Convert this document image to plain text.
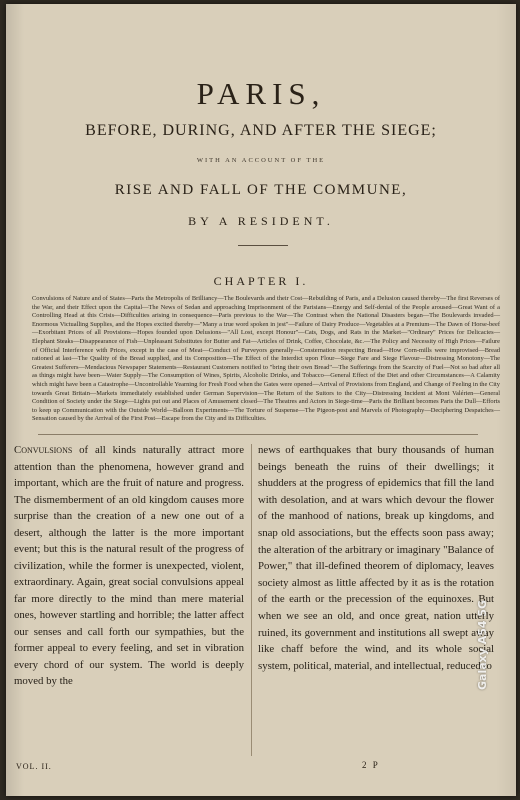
PARIS,
BEFORE, DURING, AND AFTER THE SIEGE;
WITH AN ACCOUNT OF THE
RISE AND FALL OF THE COMMUNE,
BY A RESIDENT.
CHAPTER I.

Convulsions of Nature and of States—Paris the Metropolis of Brilliancy—The Boulevards and their Cost—Rebuilding of Paris, and a Delusion caused thereby—The first Reverses of the War, and their Effect upon the Capital—The News of Sedan and approaching Imprisonment of the Parisians—Energy and Self-denial of the People aroused—Great Want of a Controlling Head at this Crisis—Difficulties arising in consequence—Paris previous to the War—The Contrast when the National Disasters began—The Boulevards invaded—Enormous Victualling Supplies, and the Hopes excited thereby—"Many a true word spoken in jest"—Failure of Dairy Produce—Vegetables at a Premium—The Dawn of Horse-beef—Exorbitant Prices of all Provisions—Hopes founded upon Delusions—"All Lost, except Honour"—Cats, Dogs, and Rats in the Market—"Ordinary" Prices for Delicacies—Elephant Steaks—Disappearance of Fish—Unpleasant Substitutes for Butter and Fat—Articles of Drink, Coffee, Chocolate, &c.—The Policy and Necessity of High Prices—Failure of Official Interference with Prices, except in the case of Meat—Conduct of Purveyors generally—Consternation respecting Bread—How Corn-mills were improvised—Bread rationed at last—The Quality of the Bread supplied, and its Composition—The Effect of the Interdict upon Flour—Siege Fare and Siege Flavour—Distressing Monotony—The Greatest Sufferers—Mendacious Newspaper Statements—Restaurant Customers notified to "bring their own Bread"—The Sufferings from the Scarcity of Fuel—Not so bad after all as things might have been—Water Supply—The Consumption of Wines, Spirits, Alcoholic Drinks, and Tobacco—General Effect of the Diet and other Circumstances—A Calamity which might have been a Catastrophe—Uncontrollable Yearning for Fresh Food when the Gates were opened—Arrival of Provisions from England, and Change of Feeling in the City towards Great Britain—Markets immediately established under German Supervision—The Return of the Suitors to the City—Distressing Incident at Mont Valérien—General Condition of Society under the Siege—Lights put out and Places of Amusement closed—The Theatres and Actors in Siege-time—Paris the Brilliant becomes Paris the Dull—Efforts to keep up Communication with the Outside World—Balloon Experiments—The Torture of Suspense—The Pigeon-post and Marvels of Photography—Deciphering Despatches—Sensation caused by the Arrival of the First Post—Escape from the City and its Difficulties.

Convulsions of all kinds naturally attract more attention than the phenomena, however grand and important, which are the fruit of nature and progress. The dismemberment of an old kingdom causes more surprise than the creation of a new one out of a desert, although the latter is the more important event; but this is the natural result of the progress of civilization, while the former is unexpected, violent, extraordinary. Again, great social convulsions appeal far more directly to the mind than mere material ones, however startling and horrible; the latter affect our senses and call forth our sympathies, but the former appeal to every feeling, and set in vibration every chord of our system. The world is deeply moved by the

news of earthquakes that bury thousands of human beings beneath the ruins of their dwellings; it shudders at the progress of epidemics that fill the land with desolation, and at wars which devour the flower of the manhood of nations, break up kingdoms, and snap old associations, but the effects soon pass away; the alteration of the arbitrary or imaginary "Balance of Power," that ill-defined theorem of diplomacy, leaves society almost as little affected by it as is the rotation of the earth or the precession of the equinoxes. But when we see an old, and once great, nation utterly ruined, its government and institutions all swept away like chaff before the wind, and its whole social system, political, material, and intellectual, reduced to

VOL. II.	2 P
Galaxy A54 5G
